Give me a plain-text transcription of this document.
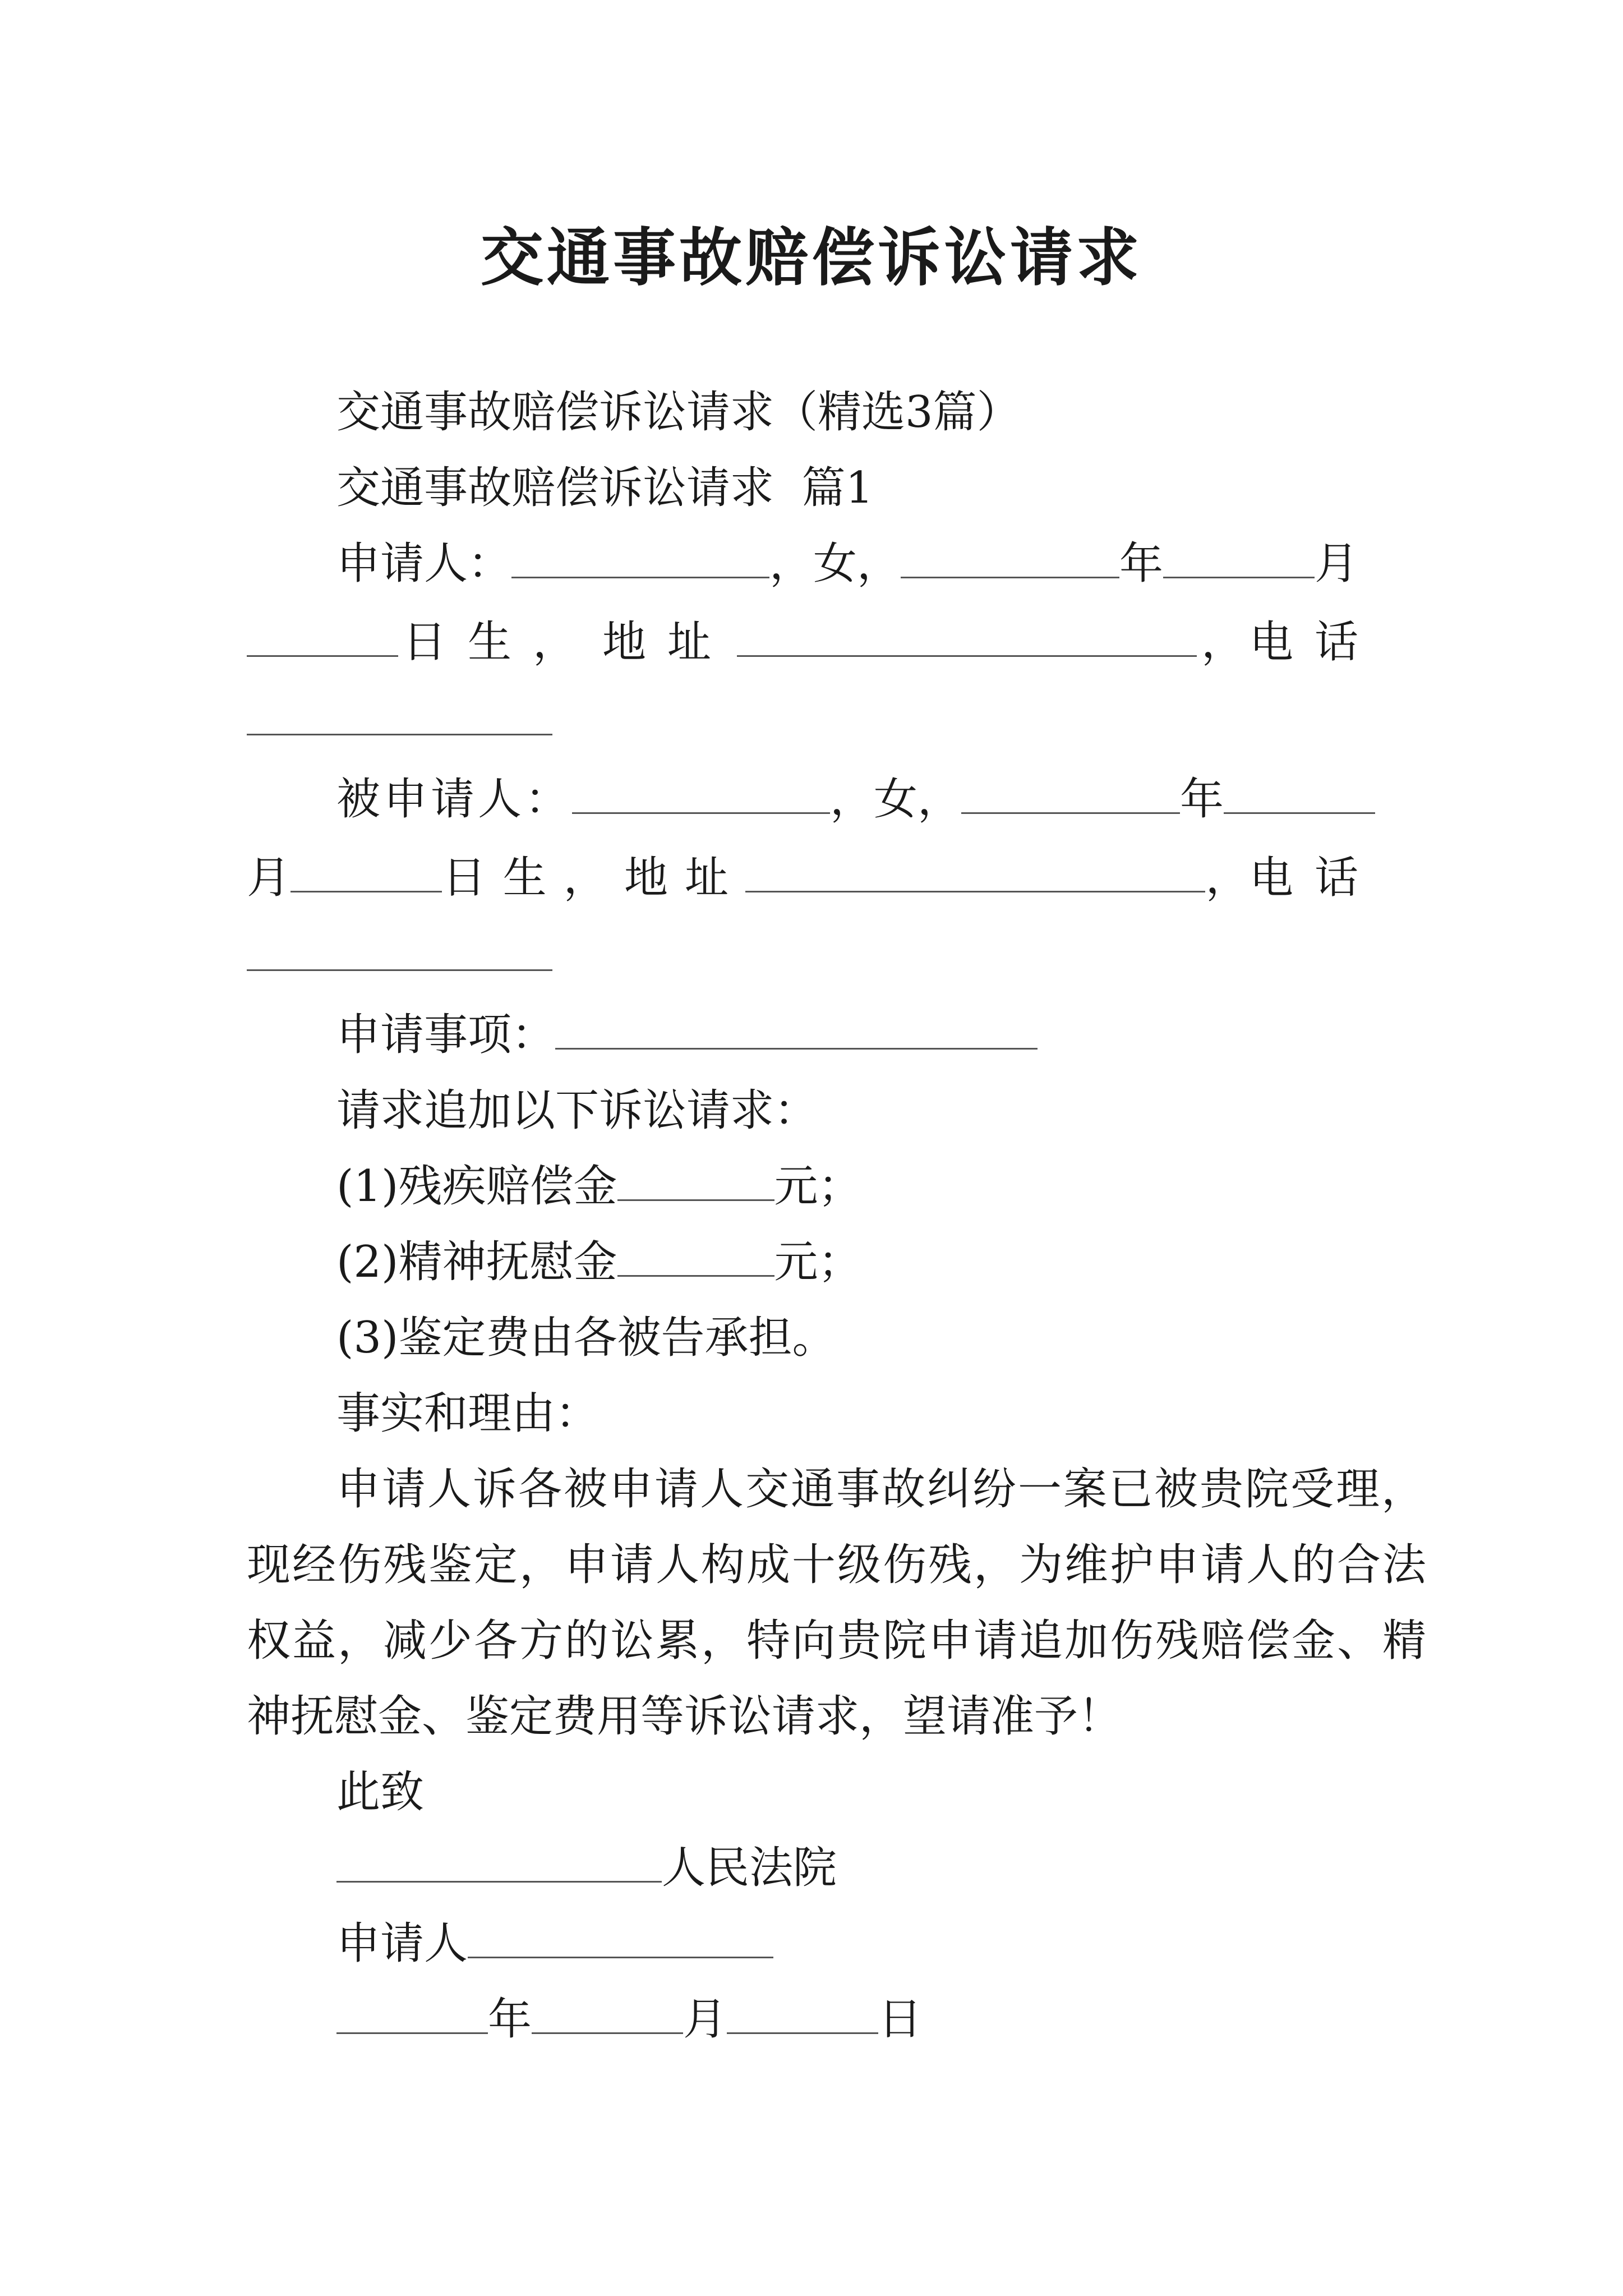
交通事故赔偿诉讼请求
交通事故赔偿诉讼请求（精选3篇）
交通事故赔偿诉讼请求  篇1
申请人：	，女，	年	月
日生， 地址	， 电话
被申请人：	，女，	年
月	日生， 地址	， 电话
申请事项：
请求追加以下诉讼请求：
(1)残疾赔偿金	元；
(2)精神抚慰金	元；
(3)鉴定费由各被告承担。
事实和理由：
申请人诉各被申请人交通事故纠纷一案已被贵院受理，
现经伤残鉴定，申请人构成十级伤残，为维护申请人的合法
权益，减少各方的讼累，特向贵院申请追加伤残赔偿金、精
神抚慰金、鉴定费用等诉讼请求，望请准予！
此致
人民法院
申请人
年	月	日
